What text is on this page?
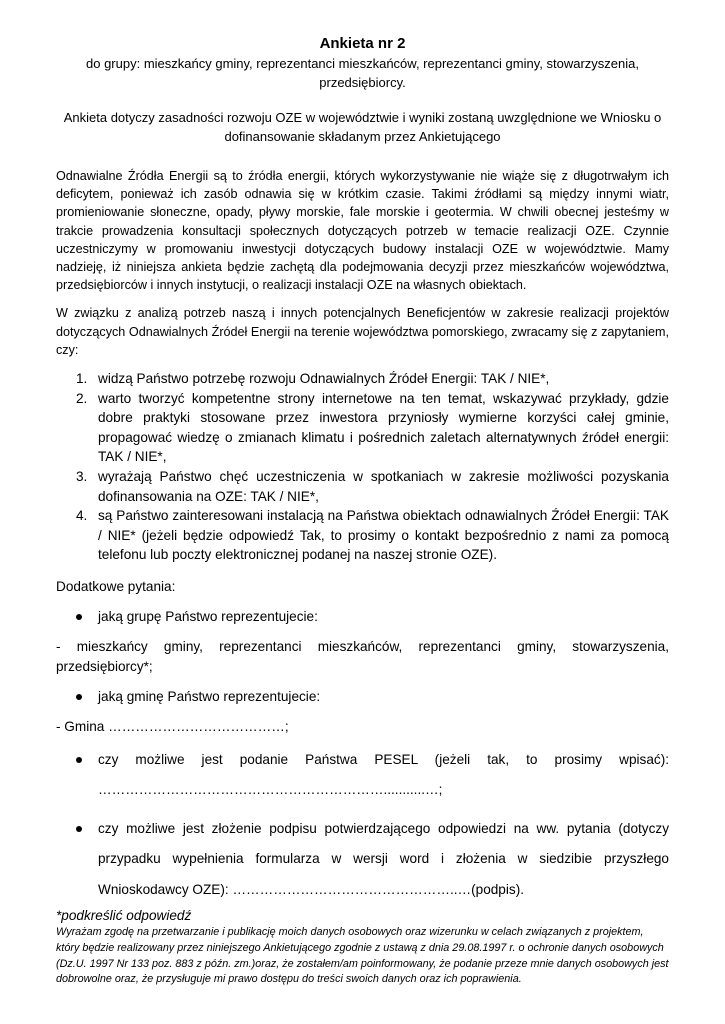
Ankieta nr 2

do grupy: mieszkańcy gminy, reprezentanci mieszkańców, reprezentanci gminy, stowarzyszenia, przedsiębiorcy.

Ankieta dotyczy zasadności rozwoju OZE w województwie i wyniki zostaną uwzględnione we Wniosku o dofinansowanie składanym przez Ankietującego

Odnawialne Źródła Energii są to źródła energii, których wykorzystywanie nie wiąże się z długotrwałym ich deficytem, ponieważ ich zasób odnawia się w krótkim czasie. Takimi źródłami są między innymi wiatr, promieniowanie słoneczne, opady, pływy morskie, fale morskie i geotermia. W chwili obecnej jesteśmy w trakcie prowadzenia konsultacji społecznych dotyczących potrzeb w temacie realizacji OZE. Czynnie uczestniczymy w promowaniu inwestycji dotyczących budowy instalacji OZE w województwie. Mamy nadzieję, iż niniejsza ankieta będzie zachętą dla podejmowania decyzji przez mieszkańców województwa, przedsiębiorców i innych instytucji, o realizacji instalacji OZE na własnych obiektach.

W związku z analizą potrzeb naszą i innych potencjalnych Beneficjentów w zakresie realizacji projektów dotyczących Odnawialnych Źródeł Energii na terenie województwa pomorskiego, zwracamy się z zapytaniem, czy:

1. widzą Państwo potrzebę rozwoju Odnawialnych Źródeł Energii: TAK / NIE*,
2. warto tworzyć kompetentne strony internetowe na ten temat, wskazywać przykłady, gdzie dobre praktyki stosowane przez inwestora przyniosły wymierne korzyści całej gminie, propagować wiedzę o zmianach klimatu i pośrednich zaletach alternatywnych źródeł energii: TAK / NIE*,
3. wyrażają Państwo chęć uczestniczenia w spotkaniach w zakresie możliwości pozyskania dofinansowania na OZE: TAK / NIE*,
4. są Państwo zainteresowani instalacją na Państwa obiektach odnawialnych Źródeł Energii: TAK / NIE* (jeżeli będzie odpowiedź Tak, to prosimy o kontakt bezpośrednio z nami za pomocą telefonu lub poczty elektronicznej podanej na naszej stronie OZE).

Dodatkowe pytania:

jaką grupę Państwo reprezentujecie:
- mieszkańcy gminy, reprezentanci mieszkańców, reprezentanci gminy, stowarzyszenia, przedsiębiorcy*;
jaką gminę Państwo reprezentujecie:
- Gmina …………………………………;
czy możliwe jest podanie Państwa PESEL (jeżeli tak, to prosimy wpisać): ………………………………………………………...........…;
czy możliwe jest złożenie podpisu potwierdzającego odpowiedzi na ww. pytania (dotyczy przypadku wypełnienia formularza w wersji word i złożenia w siedzibie przyszłego Wnioskodawcy OZE): …………………………………………..…(podpis).

*podkreślić odpowiedź

Wyrażam zgodę na przetwarzanie i publikację moich danych osobowych oraz wizerunku w celach związanych z projektem, który będzie realizowany przez niniejszego Ankietującego zgodnie z ustawą z dnia 29.08.1997 r. o ochronie danych osobowych (Dz.U. 1997 Nr 133 poz. 883 z późn. zm.)oraz, że zostałem/am poinformowany, że podanie przeze mnie danych osobowych jest dobrowolne oraz, że przysługuje mi prawo dostępu do treści swoich danych oraz ich poprawienia.
